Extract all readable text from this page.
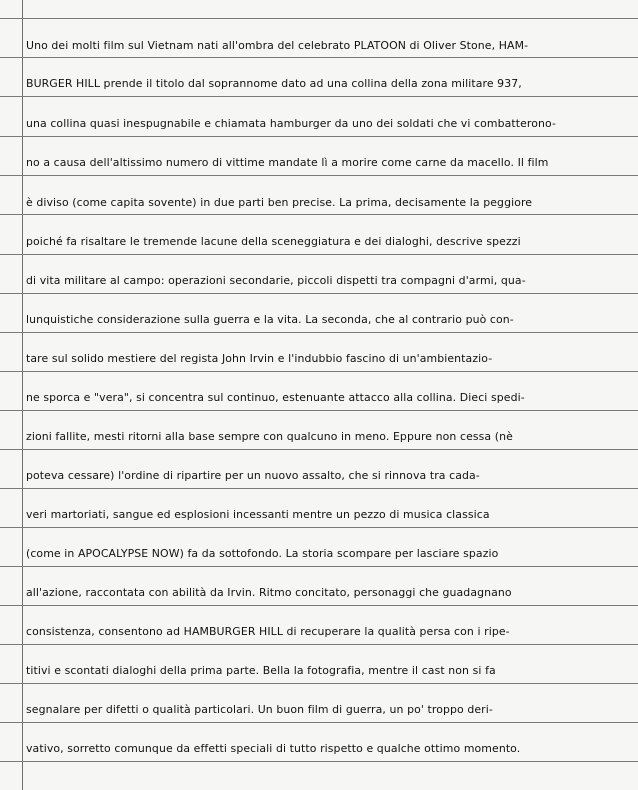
Uno dei molti film sul Vietnam nati all'ombra del celebrato PLATOON di Oliver Stone, HAM-
BURGER HILL prende il titolo dal soprannome dato ad una collina della zona militare 937,
una collina quasi inespugnabile e chiamata hamburger da uno dei soldati che vi combatterono-
no a causa dell'altissimo numero di vittime mandate lì a morire come carne da macello. Il film
è diviso (come capita sovente) in due parti ben precise. La prima, decisamente la peggiore
poiché fa risaltare le tremende lacune della sceneggiatura e dei dialoghi, descrive spezzi
di vita militare al campo: operazioni secondarie, piccoli dispetti tra compagni d'armi, qua-
lunquistiche considerazione sulla guerra e la vita. La seconda, che al contrario può con-
tare sul solido mestiere del regista John Irvin e l'indubbio fascino di un'ambientazio-
ne sporca e "vera", si concentra sul continuo, estenuante attacco alla collina. Dieci spedi-
zioni fallite, mesti ritorni alla base sempre con qualcuno in meno. Eppure non cessa (nè
poteva cessare) l'ordine di ripartire per un nuovo assalto, che si rinnova tra cada-
veri martoriati, sangue ed esplosioni incessanti mentre un pezzo di musica classica
(come in APOCALYPSE NOW) fa da sottofondo. La storia scompare per lasciare spazio
all'azione, raccontata con abilità da Irvin. Ritmo concitato, personaggi che guadagnano
consistenza, consentono ad HAMBURGER HILL di recuperare la qualità persa con i ripe-
titivi e scontati dialoghi della prima parte. Bella la fotografia, mentre il cast non si fa
segnalare per difetti o qualità particolari. Un buon film di guerra, un po' troppo deri-
vativo, sorretto comunque da effetti speciali di tutto rispetto e qualche ottimo momento.
